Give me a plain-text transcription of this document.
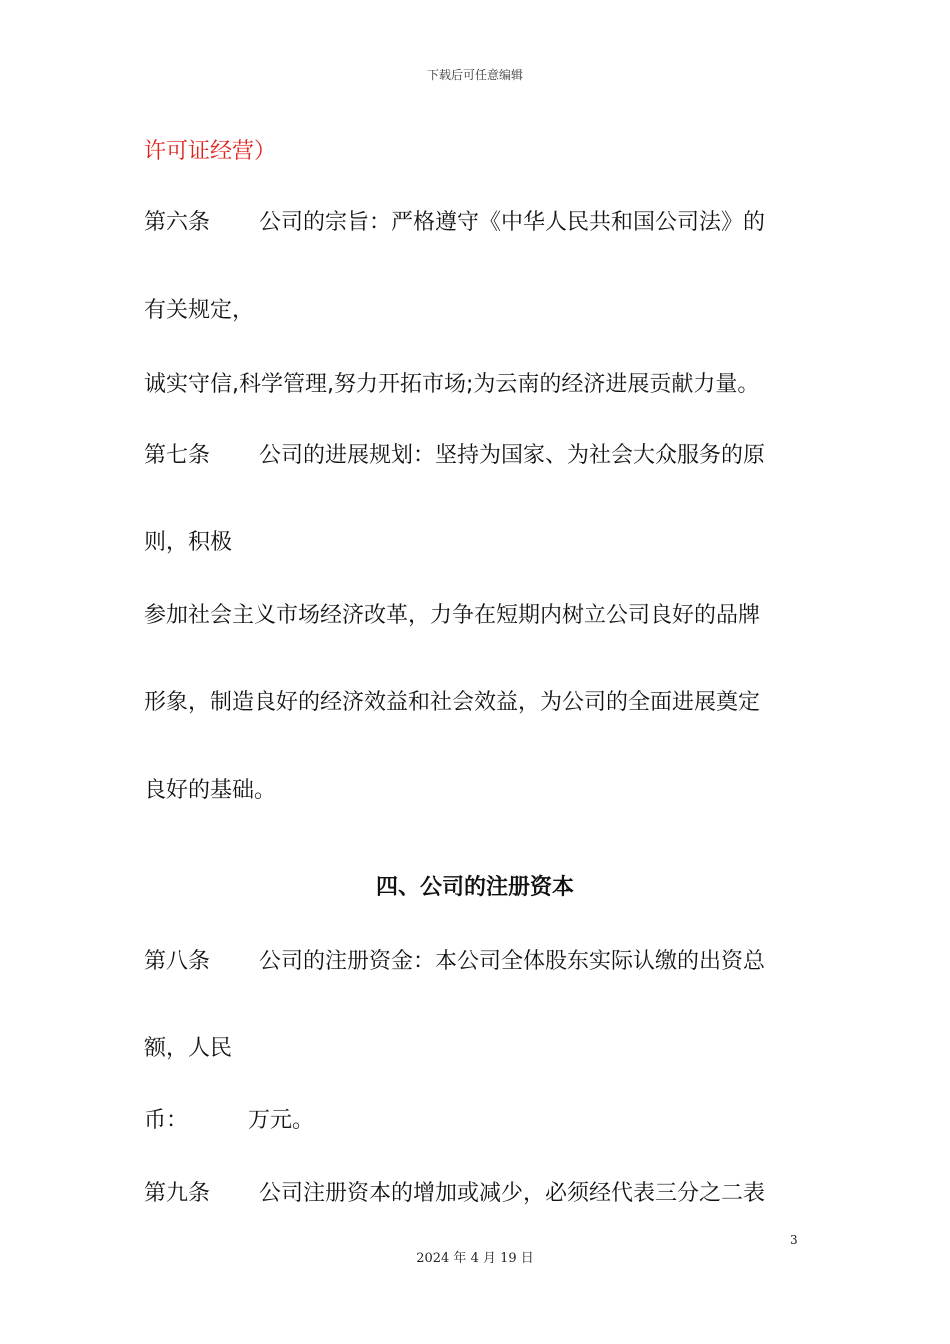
下载后可任意编辑
许可证经营）
第六条 公司的宗旨：严格遵守《中华人民共和国公司法》的
有关规定，
诚实守信,科学管理,努力开拓市场;为云南的经济进展贡献力量。
第七条 公司的进展规划：坚持为国家、为社会大众服务的原
则，积极
参加社会主义市场经济改革，力争在短期内树立公司良好的品牌
形象，制造良好的经济效益和社会效益，为公司的全面进展奠定
良好的基础。
四、公司的注册资本
第八条 公司的注册资金：本公司全体股东实际认缴的出资总
额，人民
币：	万元。
第九条 公司注册资本的增加或减少，必须经代表三分之二表
3
2024 年 4 月 19 日
